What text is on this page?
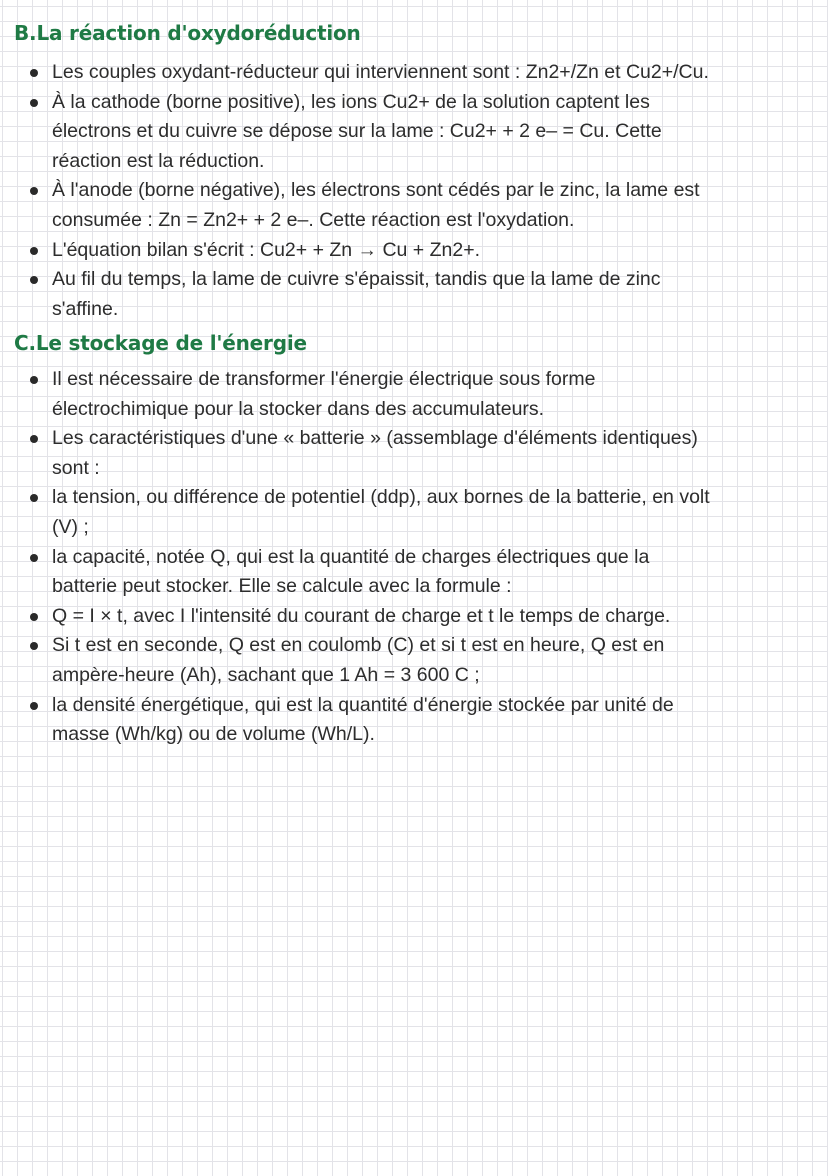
B.La réaction d'oxydoréduction
Les couples oxydant-réducteur qui interviennent sont : Zn2+/Zn et Cu2+/Cu.
À la cathode (borne positive), les ions Cu2+ de la solution captent les
électrons et du cuivre se dépose sur la lame : Cu2+ + 2 e– = Cu. Cette
réaction est la réduction.
À l'anode (borne négative), les électrons sont cédés par le zinc, la lame est
consumée : Zn = Zn2+ + 2 e–. Cette réaction est l'oxydation.
L'équation bilan s'écrit : Cu2+ + Zn → Cu + Zn2+.
Au fil du temps, la lame de cuivre s'épaissit, tandis que la lame de zinc
s'affine.
C.Le stockage de l'énergie
Il est nécessaire de transformer l'énergie électrique sous forme
électrochimique pour la stocker dans des accumulateurs.
Les caractéristiques d'une « batterie » (assemblage d'éléments identiques)
sont :
la tension, ou différence de potentiel (ddp), aux bornes de la batterie, en volt
(V) ;
la capacité, notée Q, qui est la quantité de charges électriques que la
batterie peut stocker. Elle se calcule avec la formule :
Q = I × t, avec I l'intensité du courant de charge et t le temps de charge.
Si t est en seconde, Q est en coulomb (C) et si t est en heure, Q est en
ampère-heure (Ah), sachant que 1 Ah = 3 600 C ;
la densité énergétique, qui est la quantité d'énergie stockée par unité de
masse (Wh/kg) ou de volume (Wh/L).
